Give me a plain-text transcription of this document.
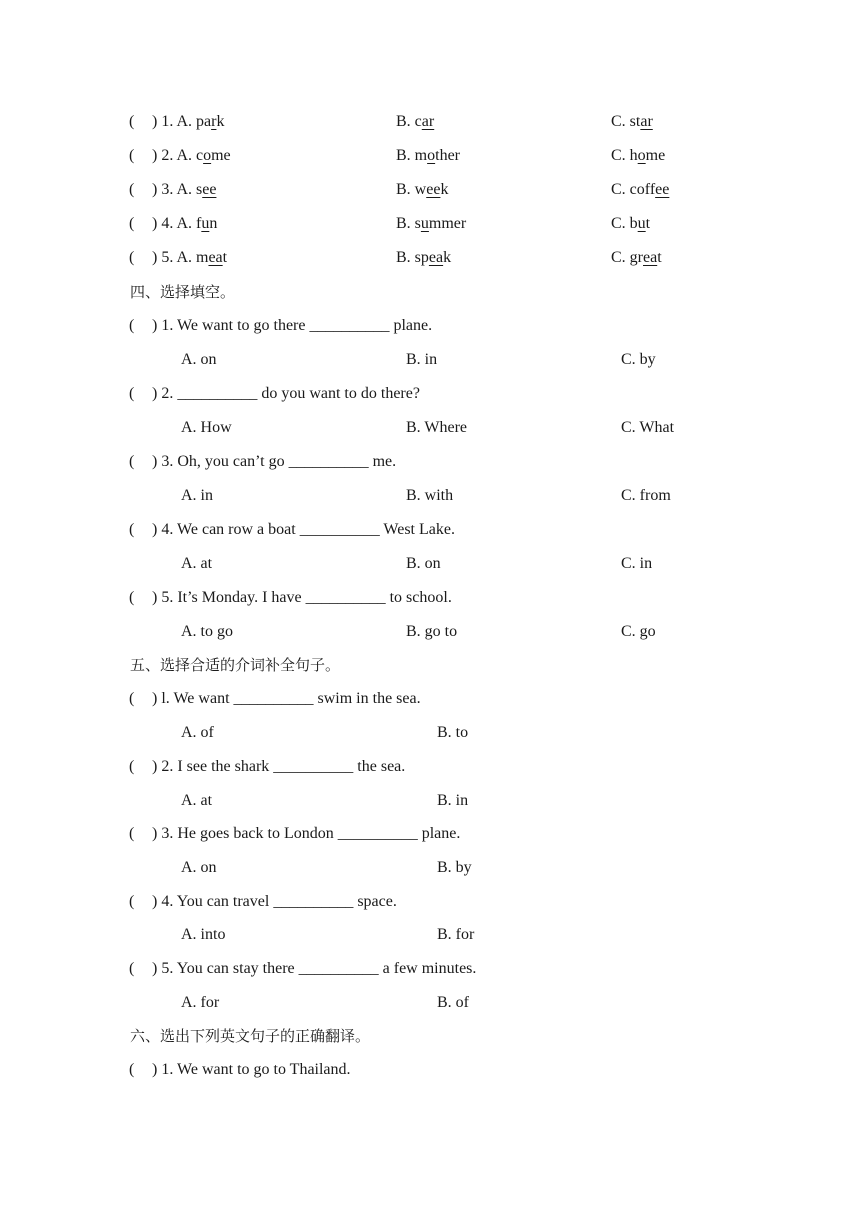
( ) 1. A. park	B. car	C. star
( ) 2. A. come	B. mother	C. home
( ) 3. A. see	B. week	C. coffee
( ) 4. A. fun	B. summer	C. but
( ) 5. A. meat	B. speak	C. great
四、选择填空。
( ) 1. We want to go there __________ plane.
A. on	B. in	C. by
( ) 2. __________ do you want to do there?
A. How	B. Where	C. What
( ) 3. Oh, you can’t go __________ me.
A. in	B. with	C. from
( ) 4. We can row a boat __________ West Lake.
A. at	B. on	C. in
( ) 5. It’s Monday. I have __________ to school.
A. to go	B. go to	C. go
五、选择合适的介词补全句子。
( ) l. We want __________ swim in the sea.
A. of	B. to
( ) 2. I see the shark __________ the sea.
A. at	B. in
( ) 3. He goes back to London __________ plane.
A. on	B. by
( ) 4. You can travel __________ space.
A. into	B. for
( ) 5. You can stay there __________ a few minutes.
A. for	B. of
六、选出下列英文句子的正确翻译。
( ) 1. We want to go to Thailand.
